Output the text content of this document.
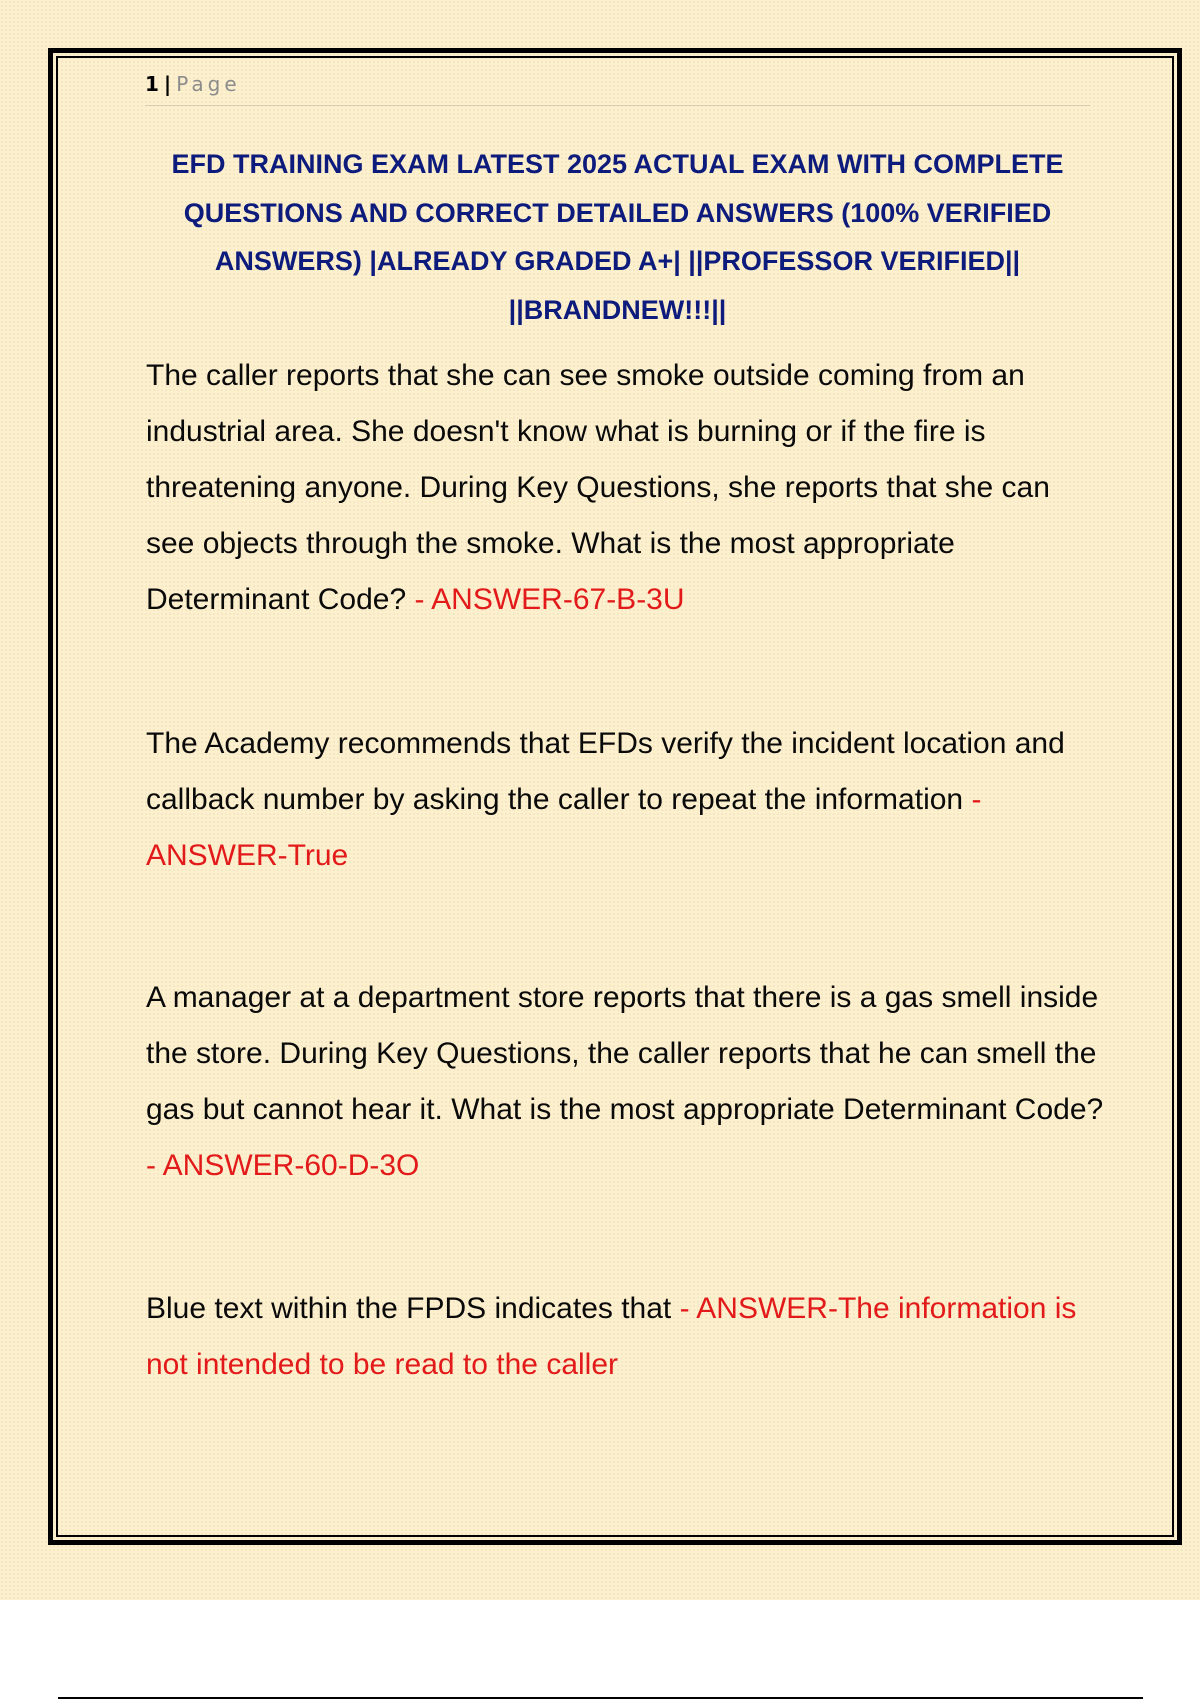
1 | Page
EFD TRAINING EXAM LATEST 2025 ACTUAL EXAM WITH COMPLETE QUESTIONS AND CORRECT DETAILED ANSWERS (100% VERIFIED ANSWERS) |ALREADY GRADED A+| ||PROFESSOR VERIFIED|| ||BRANDNEW!!!||

The caller reports that she can see smoke outside coming from an industrial area. She doesn't know what is burning or if the fire is threatening anyone. During Key Questions, she reports that she can see objects through the smoke. What is the most appropriate Determinant Code? - ANSWER-67-B-3U

The Academy recommends that EFDs verify the incident location and callback number by asking the caller to repeat the information - ANSWER-True

A manager at a department store reports that there is a gas smell inside the store. During Key Questions, the caller reports that he can smell the gas but cannot hear it. What is the most appropriate Determinant Code? - ANSWER-60-D-3O

Blue text within the FPDS indicates that - ANSWER-The information is not intended to be read to the caller
